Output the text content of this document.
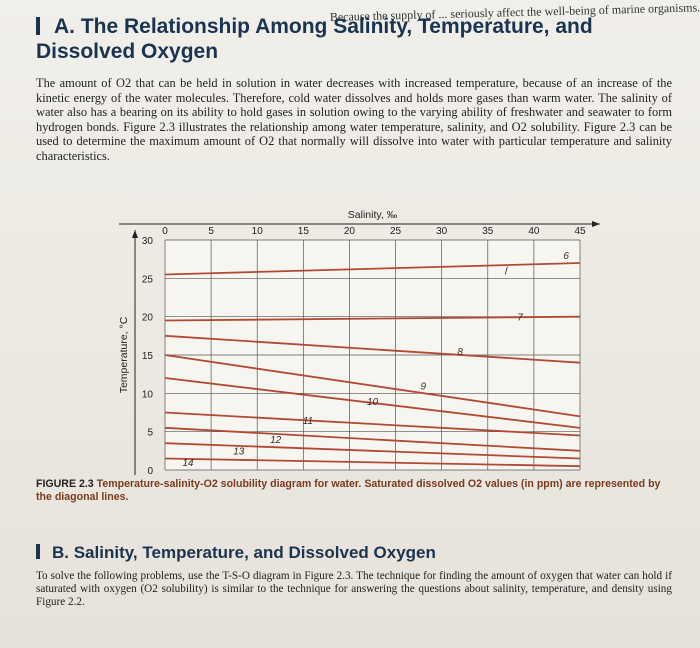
Because the supply of ... seriously affect the well-being of marine organisms.
A. The Relationship Among Salinity, Temperature, and Dissolved Oxygen
The amount of O2 that can be held in solution in water decreases with increased temperature, because of an increase of the kinetic energy of the water molecules. Therefore, cold water dissolves and holds more gases than warm water. The salinity of water also has a bearing on its ability to hold gases in solution owing to the varying ability of freshwater and seawater to form hydrogen bonds. Figure 2.3 illustrates the relationship among water temperature, salinity, and O2 solubility. Figure 2.3 can be used to determine the maximum amount of O2 that normally will dissolve into water with particular temperature and salinity characteristics.
0	5	10	15	20	25	30	35	40	45
0
5
10
15
20
25
30
6
7
8
9
10
11
12
13
14
/
Salinity, ‰
Temperature, °C
FIGURE 2.3 Temperature-salinity-O2 solubility diagram for water. Saturated dissolved O2 values (in ppm) are represented by the diagonal lines.
B. Salinity, Temperature, and Dissolved Oxygen
To solve the following problems, use the T-S-O diagram in Figure 2.3. The technique for finding the amount of oxygen that water can hold if saturated with oxygen (O2 solubility) is similar to the technique for answering the questions about salinity, temperature, and density using Figure 2.2.
